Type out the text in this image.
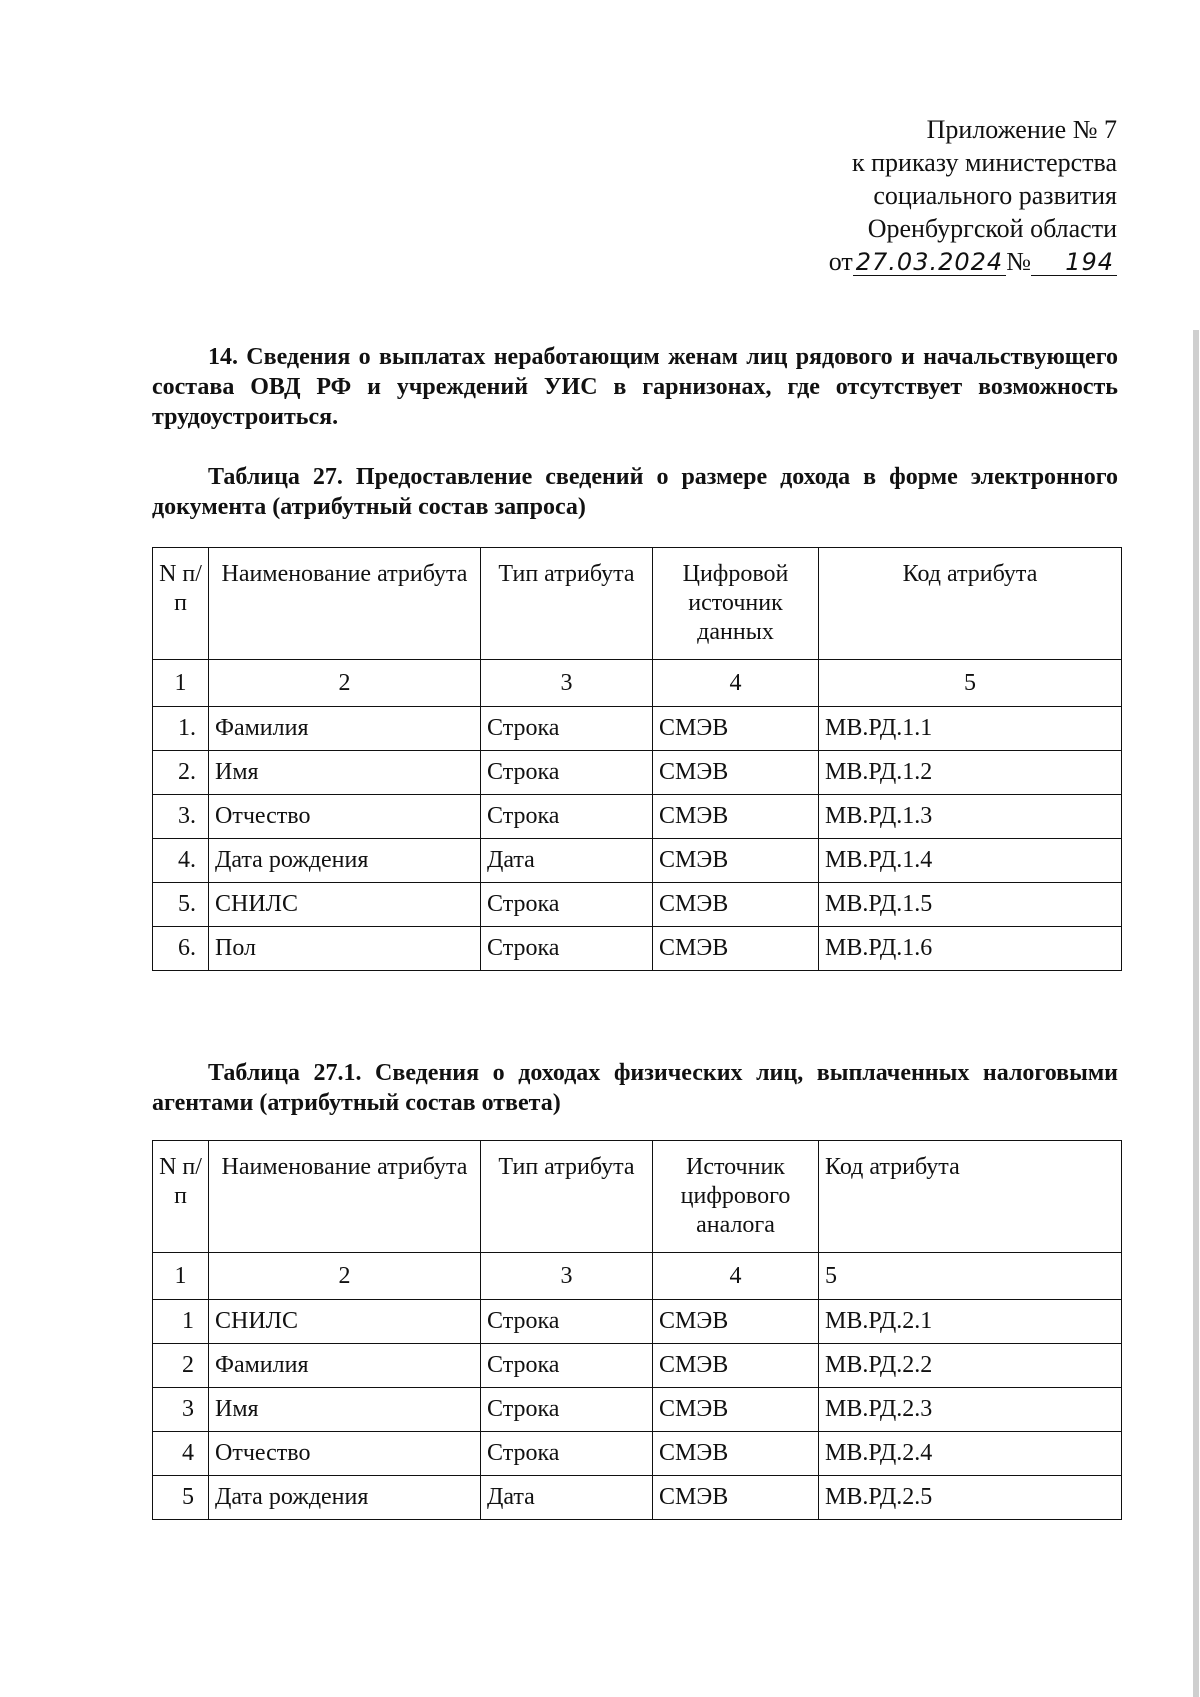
Приложение № 7
к приказу министерства
социального развития
Оренбургской области
от 27.03.2024 № 194
14. Сведения о выплатах неработающим женам лиц рядового и начальствующего состава ОВД РФ и учреждений УИС в гарнизонах, где отсутствует возможность трудоустроиться.
Таблица 27. Предоставление сведений о размере дохода в форме электронного документа (атрибутный состав запроса)
N п/п	Наименование атрибута	Тип атрибута	Цифровой источник данных	Код атрибута
1	2	3	4	5
1.	Фамилия	Строка	СМЭВ	МВ.РД.1.1
2.	Имя	Строка	СМЭВ	МВ.РД.1.2
3.	Отчество	Строка	СМЭВ	МВ.РД.1.3
4.	Дата рождения	Дата	СМЭВ	МВ.РД.1.4
5.	СНИЛС	Строка	СМЭВ	МВ.РД.1.5
6.	Пол	Строка	СМЭВ	МВ.РД.1.6
Таблица 27.1. Сведения о доходах физических лиц, выплаченных налоговыми агентами (атрибутный состав ответа)
N п/п	Наименование атрибута	Тип атрибута	Источник цифрового аналога	Код атрибута
1	2	3	4	5
1	СНИЛС	Строка	СМЭВ	МВ.РД.2.1
2	Фамилия	Строка	СМЭВ	МВ.РД.2.2
3	Имя	Строка	СМЭВ	МВ.РД.2.3
4	Отчество	Строка	СМЭВ	МВ.РД.2.4
5	Дата рождения	Дата	СМЭВ	МВ.РД.2.5
